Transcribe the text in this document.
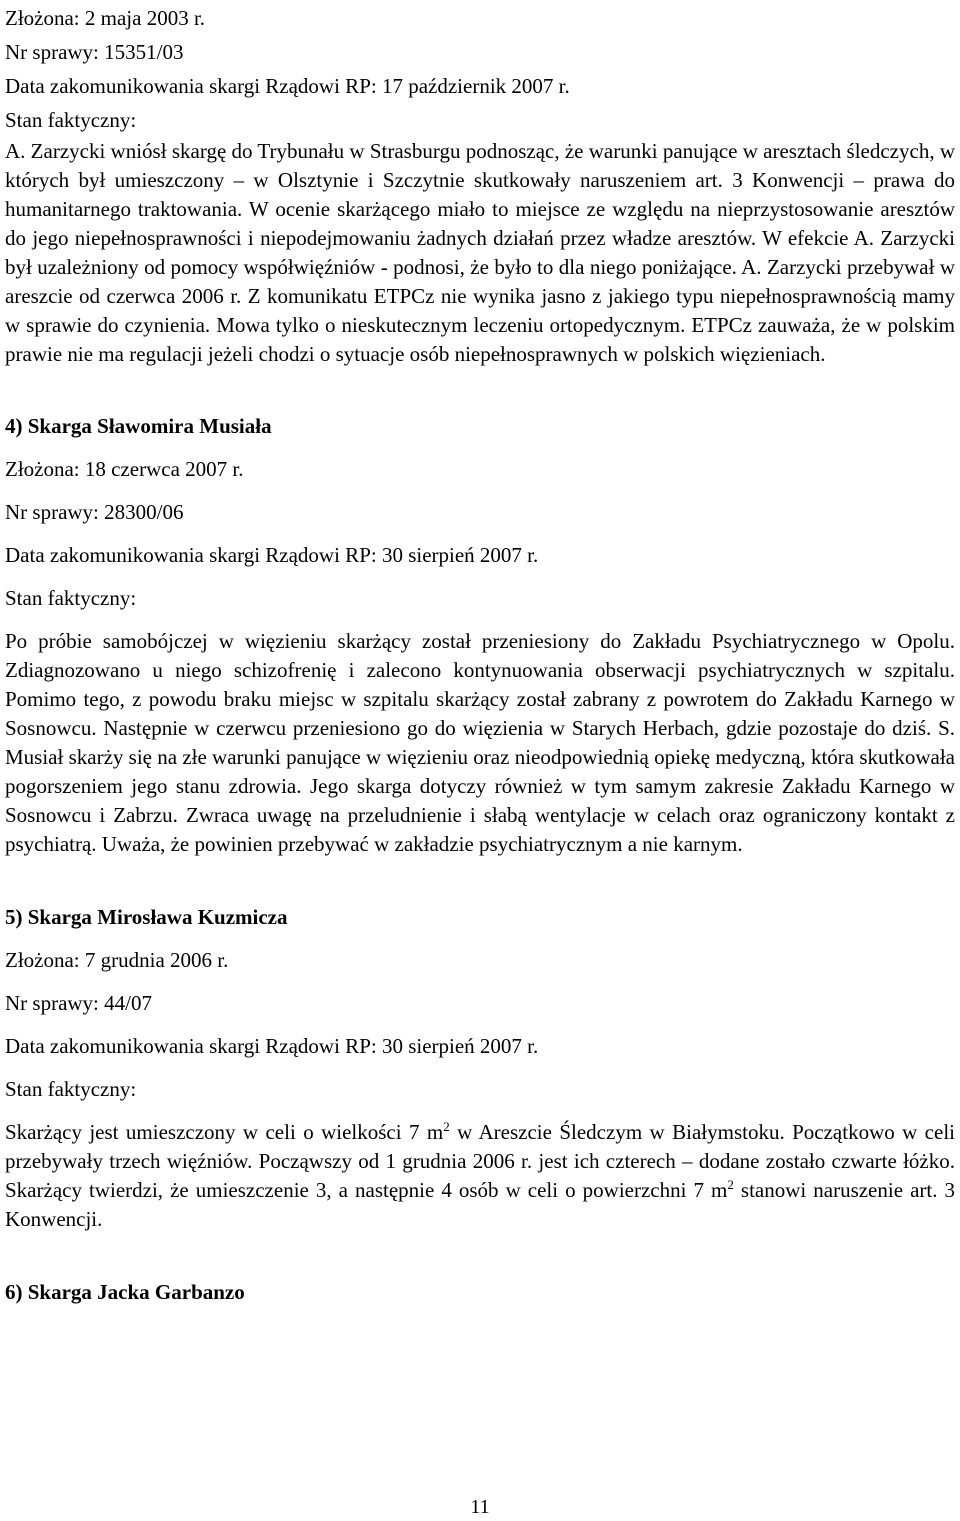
Złożona: 2 maja 2003 r.

Nr sprawy: 15351/03

Data zakomunikowania skargi Rządowi RP: 17 październik 2007 r.

Stan faktyczny:

A. Zarzycki wniósł skargę do Trybunału w Strasburgu podnosząc, że warunki panujące w aresztach śledczych, w których był umieszczony – w Olsztynie i Szczytnie skutkowały naruszeniem art. 3 Konwencji – prawa do humanitarnego traktowania. W ocenie skarżącego miało to miejsce ze względu na nieprzystosowanie aresztów do jego niepełnosprawności i niepodejmowaniu żadnych działań przez władze aresztów. W efekcie A. Zarzycki był uzależniony od pomocy współwięźniów - podnosi, że było to dla niego poniżające. A. Zarzycki przebywał w areszcie od czerwca 2006 r. Z komunikatu ETPCz nie wynika jasno z jakiego typu niepełnosprawnością mamy w sprawie do czynienia. Mowa tylko o nieskutecznym leczeniu ortopedycznym. ETPCz zauważa, że w polskim prawie nie ma regulacji jeżeli chodzi o sytuacje osób niepełnosprawnych w polskich więzieniach.

4) Skarga Sławomira Musiała

Złożona: 18 czerwca 2007 r.

Nr sprawy: 28300/06

Data zakomunikowania skargi Rządowi RP: 30 sierpień 2007 r.

Stan faktyczny:

Po próbie samobójczej w więzieniu skarżący został przeniesiony do Zakładu Psychiatrycznego w Opolu. Zdiagnozowano u niego schizofrenię i zalecono kontynuowania obserwacji psychiatrycznych w szpitalu. Pomimo tego, z powodu braku miejsc w szpitalu skarżący został zabrany z powrotem do Zakładu Karnego w Sosnowcu. Następnie w czerwcu przeniesiono go do więzienia w Starych Herbach, gdzie pozostaje do dziś. S. Musiał skarży się na złe warunki panujące w więzieniu oraz nieodpowiednią opiekę medyczną, która skutkowała pogorszeniem jego stanu zdrowia. Jego skarga dotyczy również w tym samym zakresie Zakładu Karnego w Sosnowcu i Zabrzu. Zwraca uwagę na przeludnienie i słabą wentylacje w celach oraz ograniczony kontakt z psychiatrą. Uważa, że powinien przebywać w zakładzie psychiatrycznym a nie karnym.

5) Skarga Mirosława Kuzmicza

Złożona: 7 grudnia 2006 r.

Nr sprawy: 44/07

Data zakomunikowania skargi Rządowi RP: 30 sierpień 2007 r.

Stan faktyczny:

Skarżący jest umieszczony w celi o wielkości 7 $m^2$ w Areszcie Śledczym w Białymstoku. Początkowo w celi przebywały trzech więźniów. Począwszy od 1 grudnia 2006 r. jest ich czterech – dodane zostało czwarte łóżko. Skarżący twierdzi, że umieszczenie 3, a następnie 4 osób w celi o powierzchni 7 $m^2$ stanowi naruszenie art. 3 Konwencji.

6) Skarga Jacka Garbanzo

11
